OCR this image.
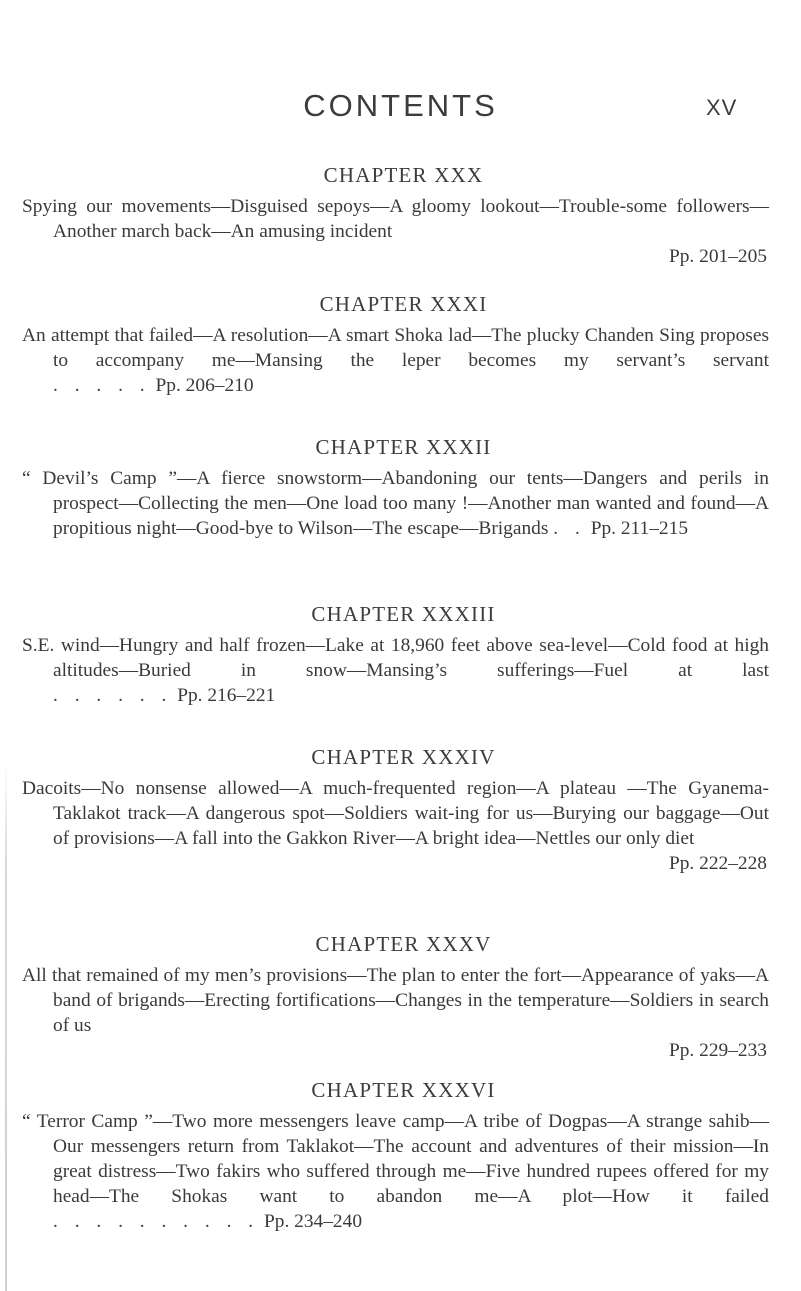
CONTENTS	XV
CHAPTER XXX

Spying our movements—Disguised sepoys—A gloomy lookout—Trouble-some followers—Another march back—An amusing incident

Pp. 201–205
CHAPTER XXXI

An attempt that failed—A resolution—A smart Shoka lad—The plucky Chanden Sing proposes to accompany me—Mansing the leper becomes my servant’s servant . . . . . Pp. 206–210

CHAPTER XXXII

“ Devil’s Camp ”—A fierce snowstorm—Abandoning our tents—Dangers and perils in prospect—Collecting the men—One load too many !—Another man wanted and found—A propitious night—Good-bye to Wilson—The escape—Brigands . . Pp. 211–215

CHAPTER XXXIII

S.E. wind—Hungry and half frozen—Lake at 18,960 feet above sea-level—Cold food at high altitudes—Buried in snow—Mansing’s sufferings—Fuel at last . . . . . . Pp. 216–221

CHAPTER XXXIV

Dacoits—No nonsense allowed—A much-frequented region—A plateau —The Gyanema-Taklakot track—A dangerous spot—Soldiers wait-ing for us—Burying our baggage—Out of provisions—A fall into the Gakkon River—A bright idea—Nettles our only diet

Pp. 222–228
CHAPTER XXXV

All that remained of my men’s provisions—The plan to enter the fort—Appearance of yaks—A band of brigands—Erecting fortifications—Changes in the temperature—Soldiers in search of us

Pp. 229–233
CHAPTER XXXVI

“ Terror Camp ”—Two more messengers leave camp—A tribe of Dogpas—A strange sahib—Our messengers return from Taklakot—The account and adventures of their mission—In great distress—Two fakirs who suffered through me—Five hundred rupees offered for my head—The Shokas want to abandon me—A plot—How it failed . . . . . . . . . . Pp. 234–240
